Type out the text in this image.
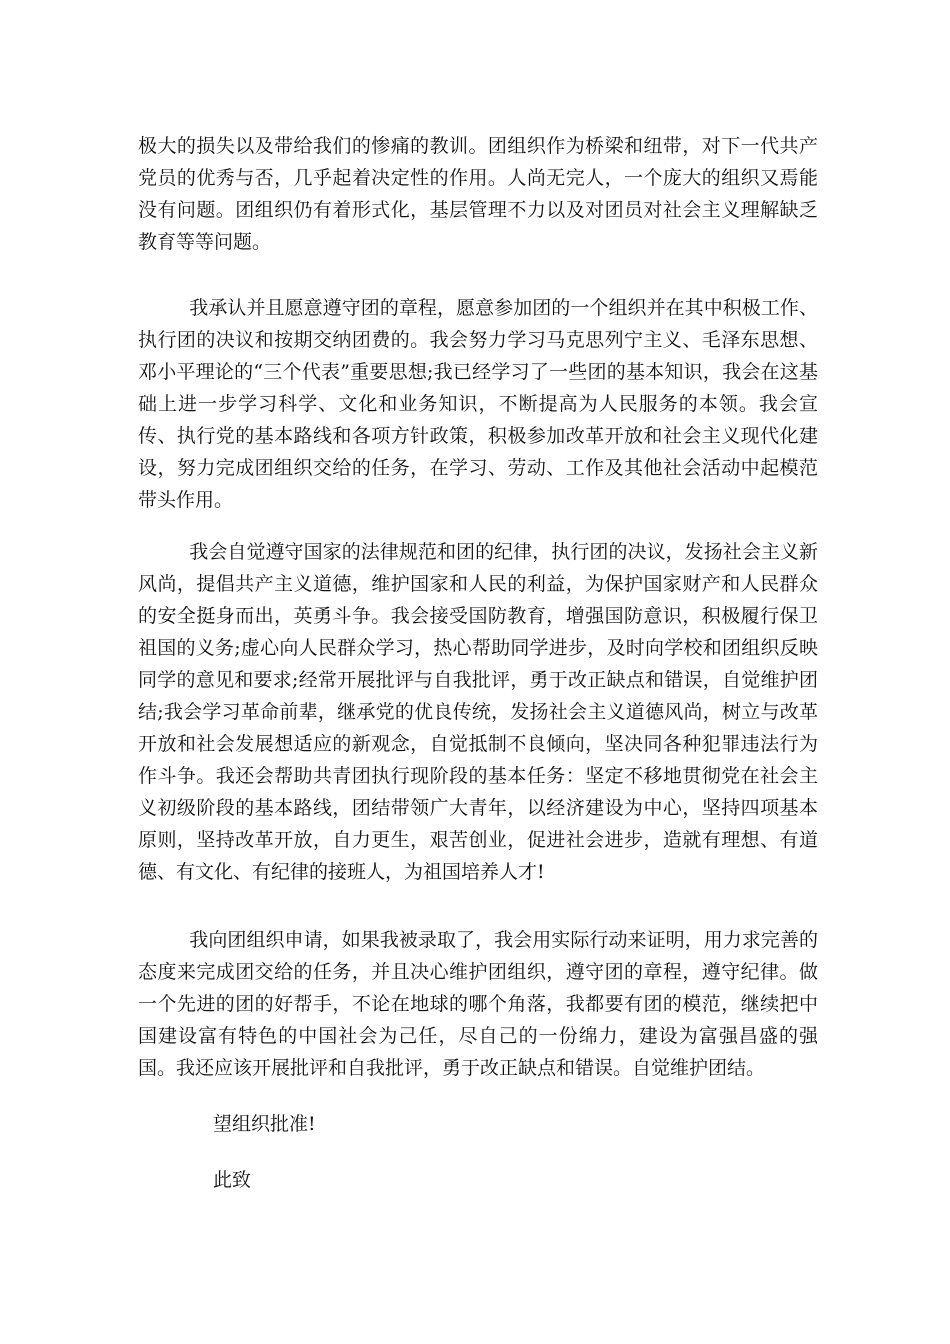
极大的损失以及带给我们的惨痛的教训。团组织作为桥梁和纽带，对下一代共产党员的优秀与否，几乎起着决定性的作用。人尚无完人，一个庞大的组织又焉能没有问题。团组织仍有着形式化，基层管理不力以及对团员对社会主义理解缺乏教育等等问题。

我承认并且愿意遵守团的章程，愿意参加团的一个组织并在其中积极工作、执行团的决议和按期交纳团费的。我会努力学习马克思列宁主义、毛泽东思想、邓小平理论的“三个代表”重要思想;我已经学习了一些团的基本知识，我会在这基础上进一步学习科学、文化和业务知识，不断提高为人民服务的本领。我会宣传、执行党的基本路线和各项方针政策，积极参加改革开放和社会主义现代化建设，努力完成团组织交给的任务，在学习、劳动、工作及其他社会活动中起模范带头作用。

我会自觉遵守国家的法律规范和团的纪律，执行团的决议，发扬社会主义新风尚，提倡共产主义道德，维护国家和人民的利益，为保护国家财产和人民群众的安全挺身而出，英勇斗争。我会接受国防教育，增强国防意识，积极履行保卫祖国的义务;虚心向人民群众学习，热心帮助同学进步，及时向学校和团组织反映同学的意见和要求;经常开展批评与自我批评，勇于改正缺点和错误，自觉维护团结;我会学习革命前辈，继承党的优良传统，发扬社会主义道德风尚，树立与改革开放和社会发展想适应的新观念，自觉抵制不良倾向，坚决同各种犯罪违法行为作斗争。我还会帮助共青团执行现阶段的基本任务：坚定不移地贯彻党在社会主义初级阶段的基本路线，团结带领广大青年，以经济建设为中心，坚持四项基本原则，坚持改革开放，自力更生，艰苦创业，促进社会进步，造就有理想、有道德、有文化、有纪律的接班人，为祖国培养人才!

我向团组织申请，如果我被录取了，我会用实际行动来证明，用力求完善的态度来完成团交给的任务，并且决心维护团组织，遵守团的章程，遵守纪律。做一个先进的团的好帮手，不论在地球的哪个角落，我都要有团的模范，继续把中国建设富有特色的中国社会为己任，尽自己的一份绵力，建设为富强昌盛的强国。我还应该开展批评和自我批评，勇于改正缺点和错误。自觉维护团结。

望组织批准!

此致
